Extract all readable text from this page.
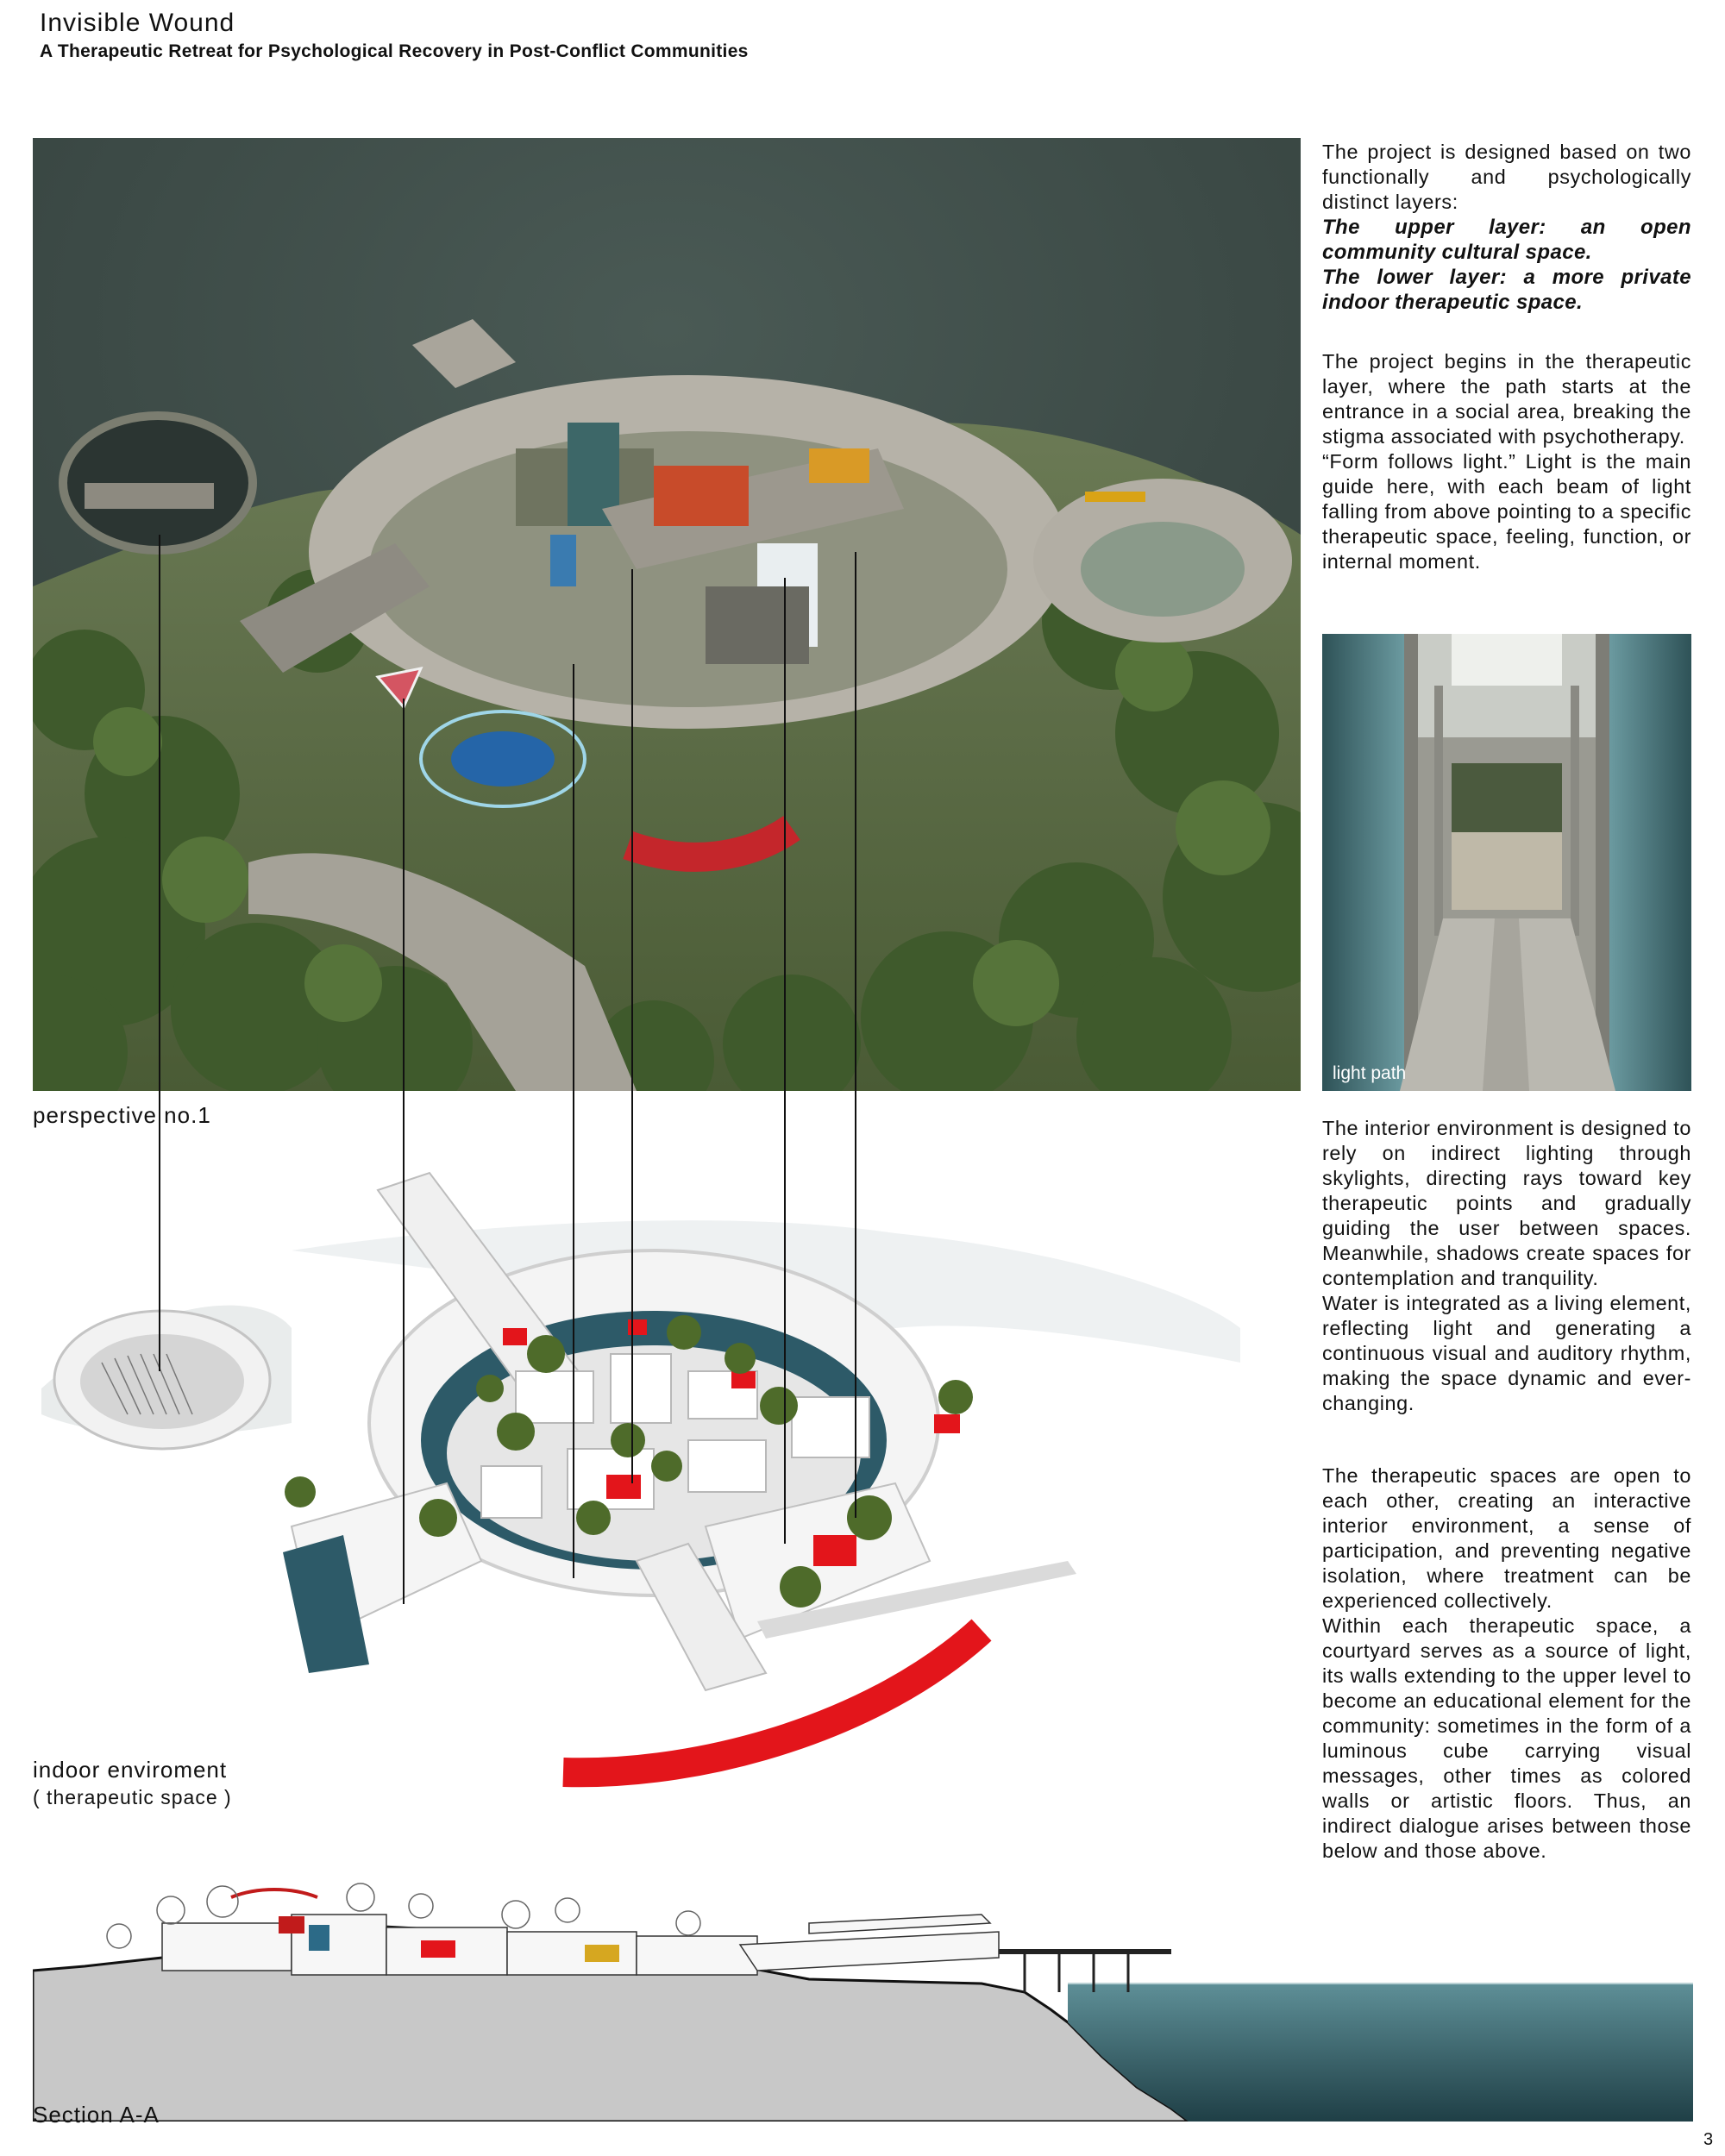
Invisible Wound
A Therapeutic Retreat for Psychological Recovery in Post-Conflict Communities

The project is designed based on two functionally and psychologically distinct layers:

The upper layer: an open community cultural space.

The lower layer: a more private indoor therapeutic space.

The project begins in the therapeutic layer, where the path starts at the entrance in a social area, breaking the stigma associated with psychotherapy.

“Form follows light.” Light is the main guide here, with each beam of light falling from above pointing to a specific therapeutic space, feeling, function, or internal moment.

light path
perspective no.1	The interior environment is designed to rely on indirect lighting through skylights, directing rays toward key therapeutic points and gradually guiding the user between spaces. Meanwhile, shadows create spaces for contemplation and tranquility.

Water is integrated as a living element, reflecting light and generating a continuous visual and auditory rhythm, making the space dynamic and ever-changing.

The therapeutic spaces are open to each other, creating an interactive interior environment, a sense of participation, and preventing negative isolation, where treatment can be experienced collectively.

Within each therapeutic space, a courtyard serves as a source of light, its walls extending to the upper level to become an educational element for the community: sometimes in the form of a luminous cube carrying visual messages, other times as colored walls or artistic floors. Thus, an indirect dialogue arises between those below and those above.

indoor enviroment
( therapeutic space )
Section A-A
3
